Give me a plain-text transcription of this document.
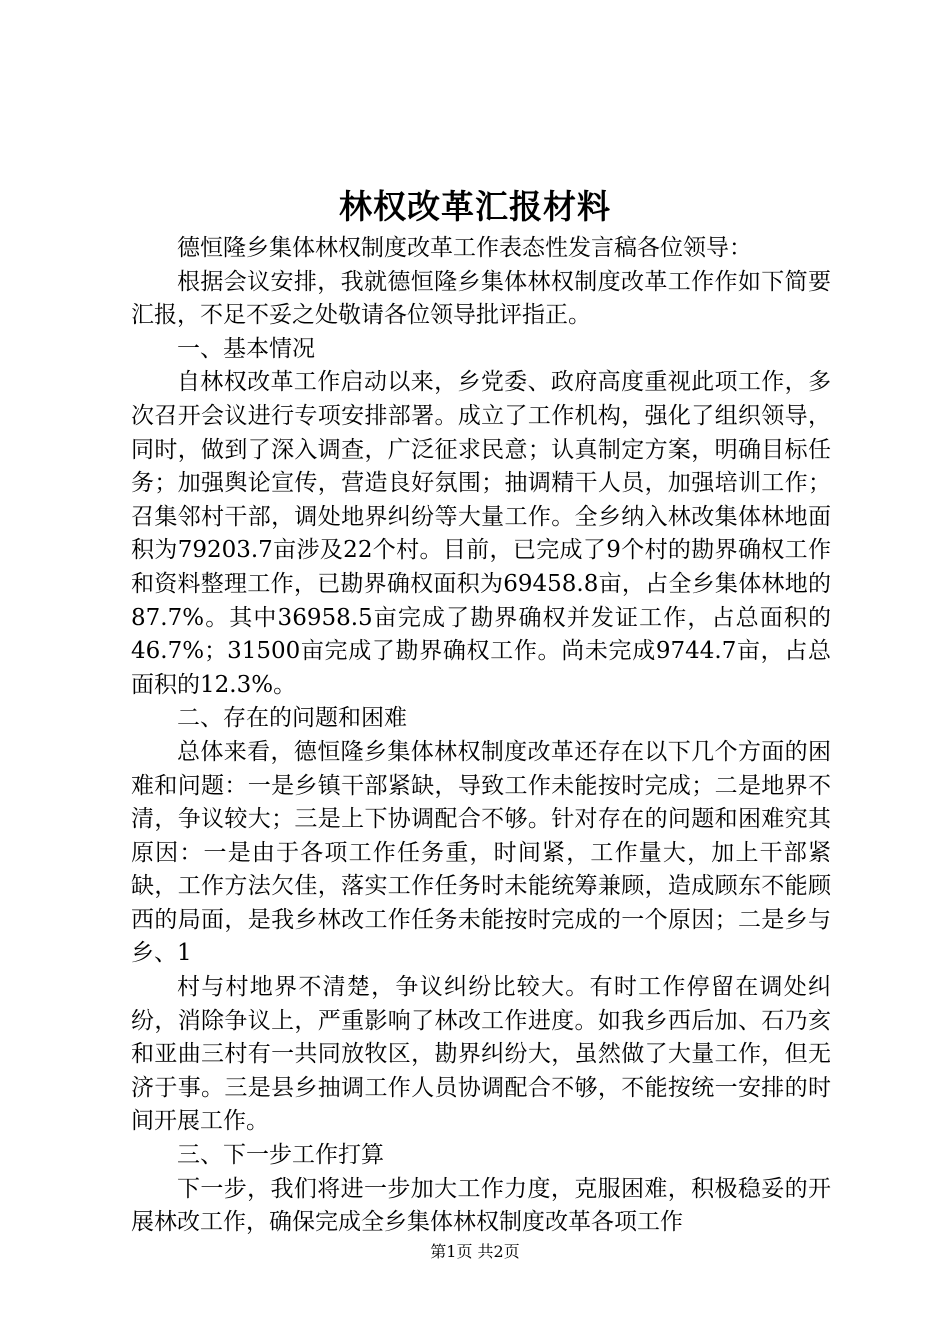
林权改革汇报材料

德恒隆乡集体林权制度改革工作表态性发言稿各位领导：

根据会议安排，我就德恒隆乡集体林权制度改革工作作如下简要汇报，不足不妥之处敬请各位领导批评指正。

一、基本情况

自林权改革工作启动以来，乡党委、政府高度重视此项工作，多次召开会议进行专项安排部署。成立了工作机构，强化了组织领导，同时，做到了深入调查，广泛征求民意；认真制定方案，明确目标任务；加强舆论宣传，营造良好氛围；抽调精干人员，加强培训工作；召集邻村干部，调处地界纠纷等大量工作。全乡纳入林改集体林地面积为79203.7亩涉及22个村。目前，已完成了9个村的勘界确权工作和资料整理工作，已勘界确权面积为69458.8亩，占全乡集体林地的87.7%。其中36958.5亩完成了勘界确权并发证工作，占总面积的46.7%；31500亩完成了勘界确权工作。尚未完成9744.7亩，占总面积的12.3%。

二、存在的问题和困难

总体来看，德恒隆乡集体林权制度改革还存在以下几个方面的困难和问题：一是乡镇干部紧缺，导致工作未能按时完成；二是地界不清，争议较大；三是上下协调配合不够。针对存在的问题和困难究其原因：一是由于各项工作任务重，时间紧，工作量大，加上干部紧缺，工作方法欠佳，落实工作任务时未能统筹兼顾，造成顾东不能顾西的局面，是我乡林改工作任务未能按时完成的一个原因；二是乡与乡、1

村与村地界不清楚，争议纠纷比较大。有时工作停留在调处纠纷，消除争议上，严重影响了林改工作进度。如我乡西后加、石乃亥和亚曲三村有一共同放牧区，勘界纠纷大，虽然做了大量工作，但无济于事。三是县乡抽调工作人员协调配合不够，不能按统一安排的时间开展工作。

三、下一步工作打算

下一步，我们将进一步加大工作力度，克服困难，积极稳妥的开展林改工作，确保完成全乡集体林权制度改革各项工作

第1页 共2页
